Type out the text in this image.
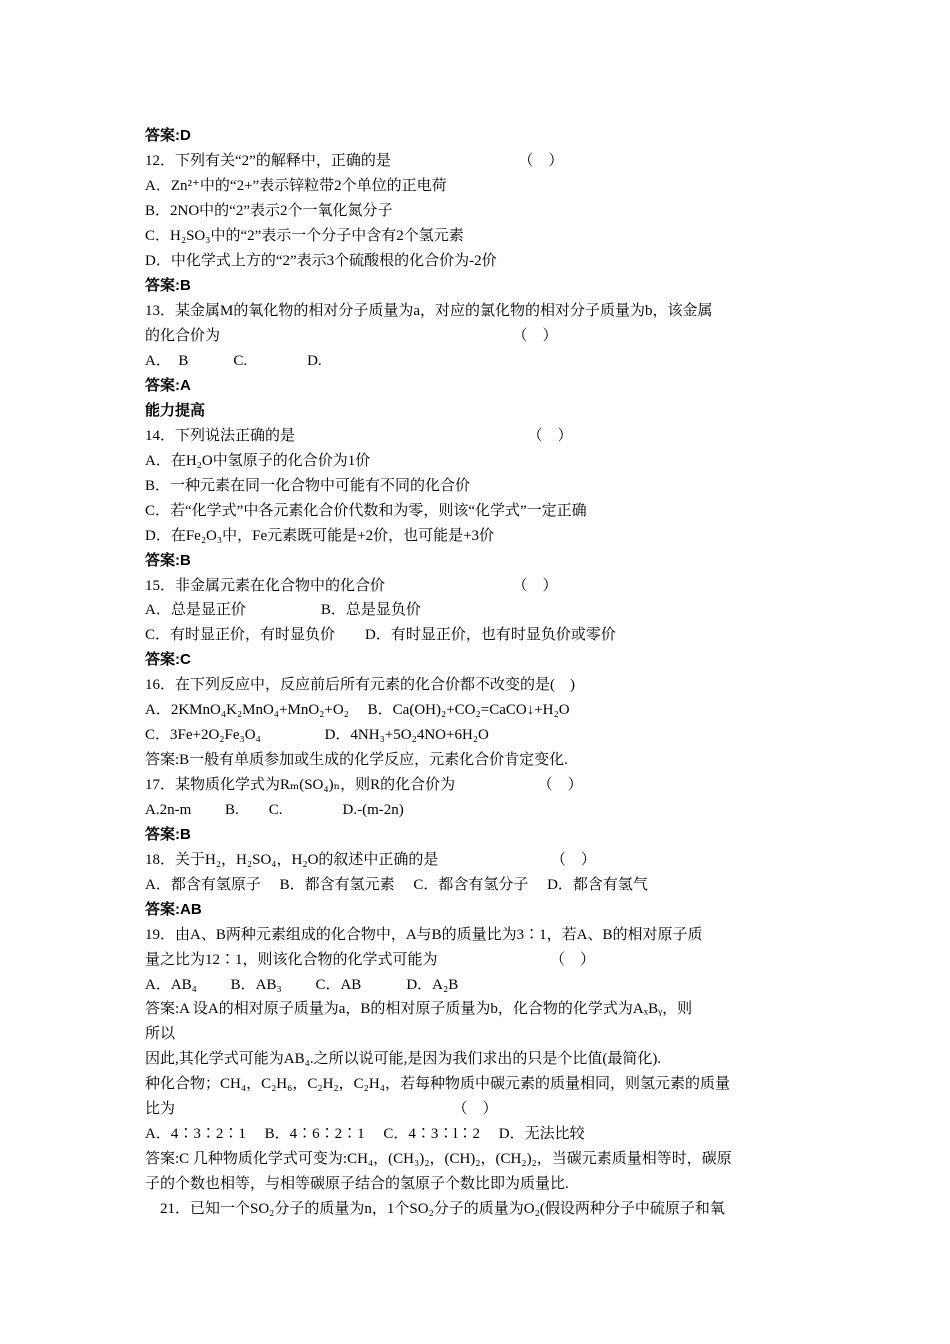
答案:D
12．下列有关“2”的解释中，正确的是　　　　　　　　　（　）
A．Zn²⁺中的“2+”表示锌粒带2个单位的正电荷
B．2NO中的“2”表示2个一氧化氮分子
C．H₂SO₃中的“2”表示一个分子中含有2个氢元素
D．中化学式上方的“2”表示3个硫酸根的化合价为-2价
答案:B
13．某金属M的氧化物的相对分子质量为a，对应的氯化物的相对分子质量为b，该金属
的化合价为　　　　　　　　　　　　　　　　　　　　（　）
A．　B　　　C.　　　　D.
答案:A
能力提高
14．下列说法正确的是　　　　　　　　　　　　　　　　（　）
A．在H₂O中氢原子的化合价为1价
B．一种元素在同一化合物中可能有不同的化合价
C．若“化学式”中各元素化合价代数和为零，则该“化学式”一定正确
D．在Fe₂O₃中，Fe元素既可能是+2价，也可能是+3价
答案:B
15．非金属元素在化合物中的化合价　　　　　　　　　（　）
A．总是显正价　　　　　B．总是显负价
C．有时显正价，有时显负价　　D．有时显正价，也有时显负价或零价
答案:C
16．在下列反应中，反应前后所有元素的化合价都不改变的是(　)
A．2KMnO₄K₂MnO₄+MnO₂+O₂　 B．Ca(OH)₂+CO₂=CaCO↓+H₂O
C．3Fe+2O₂Fe₃O₄　　　　 D．4NH₃+5O₂4NO+6H₂O
答案:B一般有单质参加或生成的化学反应，元素化合价肯定变化.
17．某物质化学式为Rₘ(SO₄)ₙ，则R的化合价为　　　　　　（　）
A.2n-m　　 B.　　C.　　　　D.-(m-2n)
答案:B
18．关于H₂，H₂SO₄，H₂O的叙述中正确的是　　　　　　　　（　）
A．都含有氢原子　 B．都含有氢元素　 C．都含有氢分子　 D．都含有氢气
答案:AB
19．由A、B两种元素组成的化合物中，A与B的质量比为3∶1，若A、B的相对原子质
量之比为12∶1，则该化合物的化学式可能为　　　　　　　　（　）
A．AB₄　　 B．AB₃　　 C．AB　　　D．A₂B
答案:A 设A的相对原子质量为a，B的相对原子质量为b，化合物的化学式为AₓBᵧ，则
所以
因此,其化学式可能为AB₄.之所以说可能,是因为我们求出的只是个比值(最简化).
种化合物；CH₄，C₂H₆，C₂H₂，C₂H₄，若每种物质中碳元素的质量相同，则氢元素的质量
比为　　　　　　　　　　　　　　　　　　　（　）
A．4∶3∶2∶1　 B．4∶6∶2∶1　 C．4∶3∶l∶2　 D．无法比较
答案:C 几种物质化学式可变为:CH₄，(CH₃)₂，(CH)₂，(CH₂)₂，当碳元素质量相等时，碳原
子的个数也相等，与相等碳原子结合的氢原子个数比即为质量比.
　21．已知一个SO₂分子的质量为n，1个SO₂分子的质量为O₂(假设两种分子中硫原子和氧
